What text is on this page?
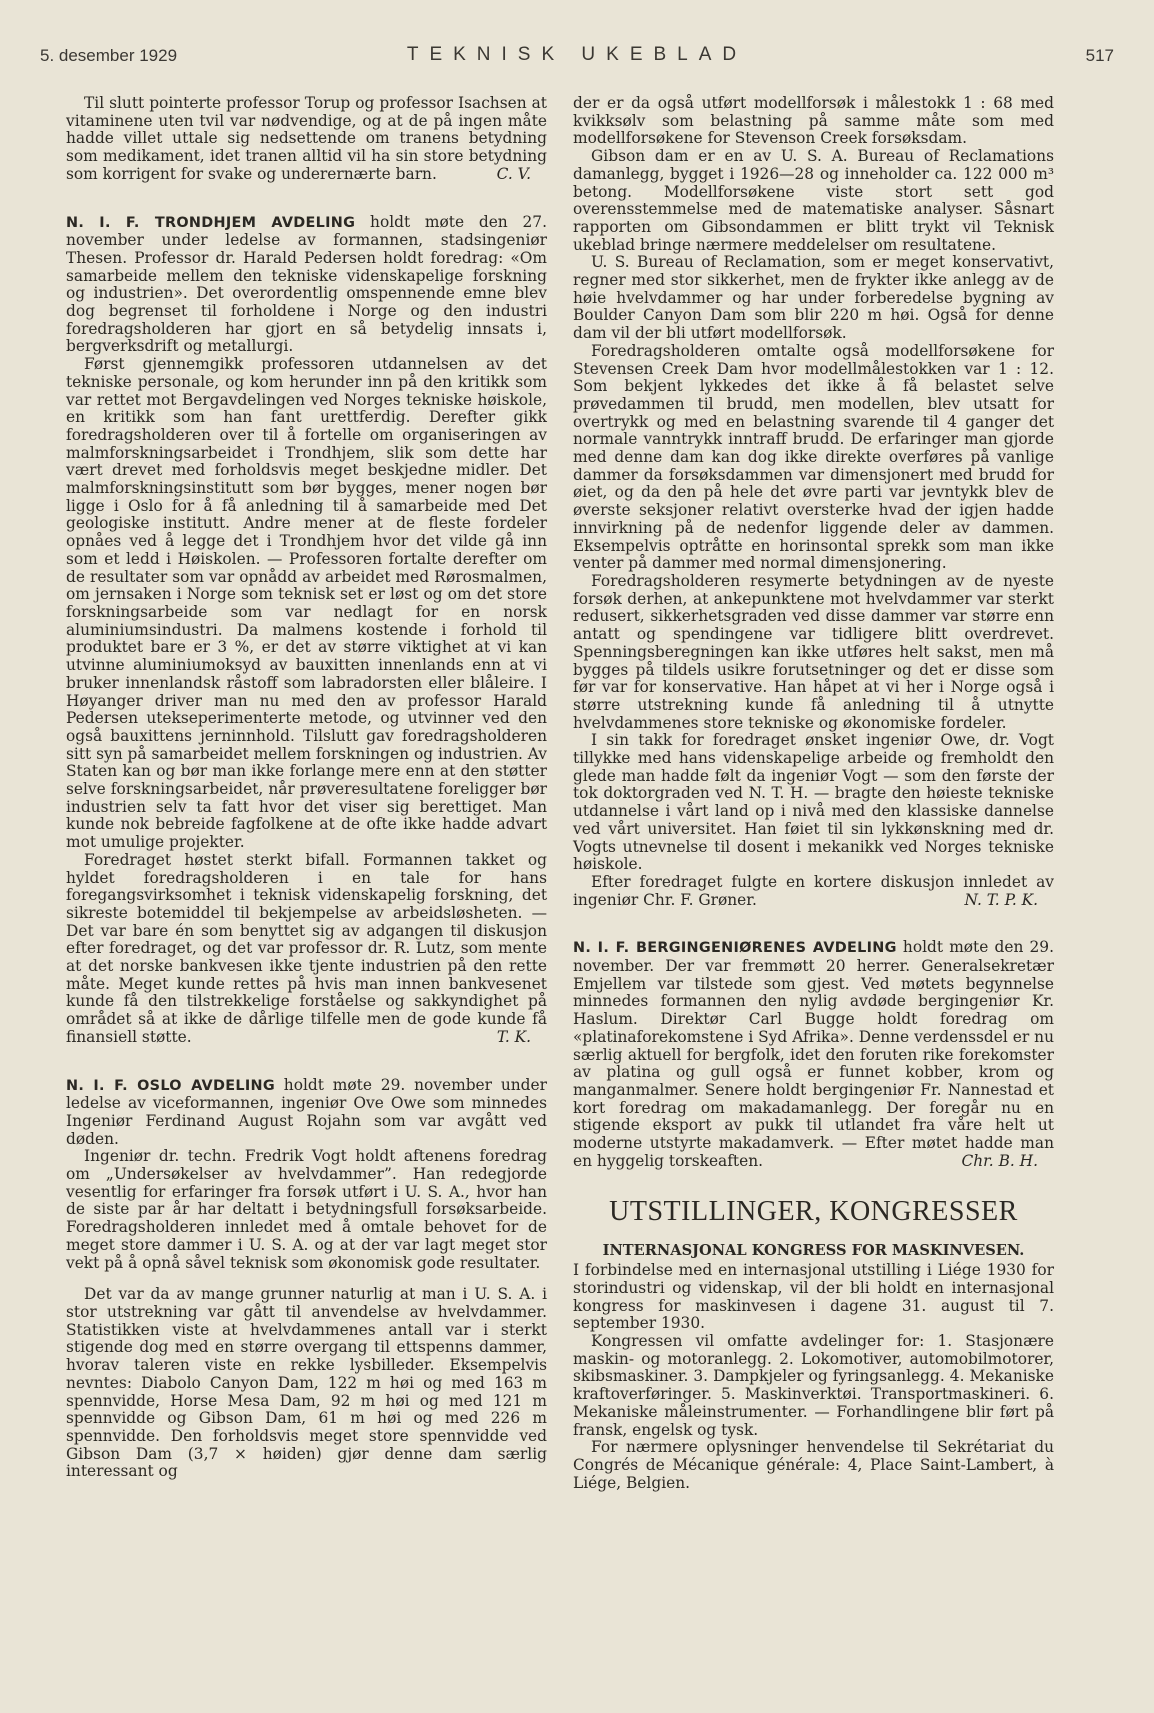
5. desember 1929	TEKNISK UKEBLAD	517

Til slutt pointerte professor Torup og professor Isachsen at vitaminene uten tvil var nødvendige, og at de på ingen måte hadde villet uttale sig nedsettende om tranens betydning som medikament, idet tranen alltid vil ha sin store betydning som korrigent for svake og underernærte barn.	C. V.

N. I. F. TRONDHJEM AVDELING holdt møte den 27. november under ledelse av formannen, stadsingeniør Thesen. Professor dr. Harald Pedersen holdt foredrag: «Om samarbeide mellem den tekniske videnskapelige forskning og industrien». Det overordentlig omspennende emne blev dog begrenset til forholdene i Norge og den industri foredragsholderen har gjort en så betydelig innsats i, bergverksdrift og metallurgi.

Først gjennemgikk professoren utdannelsen av det tekniske personale, og kom herunder inn på den kritikk som var rettet mot Bergavdelingen ved Norges tekniske høiskole, en kritikk som han fant urettferdig. Derefter gikk foredragsholderen over til å fortelle om organiseringen av malmforskningsarbeidet i Trondhjem, slik som dette har vært drevet med forholdsvis meget beskjedne midler. Det malmforskningsinstitutt som bør bygges, mener nogen bør ligge i Oslo for å få anledning til å samarbeide med Det geologiske institutt. Andre mener at de fleste fordeler opnåes ved å legge det i Trondhjem hvor det vilde gå inn som et ledd i Høiskolen. — Professoren fortalte derefter om de resultater som var opnådd av arbeidet med Rørosmalmen, om jernsaken i Norge som teknisk set er løst og om det store forskningsarbeide som var nedlagt for en norsk aluminiumsindustri. Da malmens kostende i forhold til produktet bare er 3 %, er det av større viktighet at vi kan utvinne aluminiumoksyd av bauxitten innenlands enn at vi bruker innenlandsk råstoff som labradorsten eller blåleire. I Høyanger driver man nu med den av professor Harald Pedersen utekseperimenterte metode, og utvinner ved den også bauxittens jerninnhold. Tilslutt gav foredragsholderen sitt syn på samarbeidet mellem forskningen og industrien. Av Staten kan og bør man ikke forlange mere enn at den støtter selve forskningsarbeidet, når prøveresultatene foreligger bør industrien selv ta fatt hvor det viser sig berettiget. Man kunde nok bebreide fagfolkene at de ofte ikke hadde advart mot umulige projekter.

Foredraget høstet sterkt bifall. Formannen takket og hyldet foredragsholderen i en tale for hans foregangsvirksomhet i teknisk videnskapelig forskning, det sikreste botemiddel til bekjempelse av arbeidsløsheten. — Det var bare én som benyttet sig av adgangen til diskusjon efter foredraget, og det var professor dr. R. Lutz, som mente at det norske bankvesen ikke tjente industrien på den rette måte. Meget kunde rettes på hvis man innen bankvesenet kunde få den tilstrekkelige forståelse og sakkyndighet på området så at ikke de dårlige tilfelle men de gode kunde få finansiell støtte.	T. K.

N. I. F. OSLO AVDELING holdt møte 29. november under ledelse av viceformannen, ingeniør Ove Owe som minnedes Ingeniør Ferdinand August Rojahn som var avgått ved døden.

Ingeniør dr. techn. Fredrik Vogt holdt aftenens foredrag om „Undersøkelser av hvelvdammer”. Han redegjorde vesentlig for erfaringer fra forsøk utført i U. S. A., hvor han de siste par år har deltatt i betydningsfull forsøksarbeide. Foredragsholderen innledet med å omtale behovet for de meget store dammer i U. S. A. og at der var lagt meget stor vekt på å opnå såvel teknisk som økonomisk gode resultater.

Det var da av mange grunner naturlig at man i U. S. A. i stor utstrekning var gått til anvendelse av hvelvdammer. Statistikken viste at hvelvdammenes antall var i sterkt stigende dog med en større overgang til ettspenns dammer, hvorav taleren viste en rekke lysbilleder. Eksempelvis nevntes: Diabolo Canyon Dam, 122 m høi og med 163 m spennvidde, Horse Mesa Dam, 92 m høi og med 121 m spennvidde og Gibson Dam, 61 m høi og med 226 m spennvidde. Den forholdsvis meget store spennvidde ved Gibson Dam (3,7 × høiden) gjør denne dam særlig interessant og

der er da også utført modellforsøk i målestokk 1 : 68 med kvikksølv som belastning på samme måte som med modellforsøkene for Stevenson Creek forsøksdam.

Gibson dam er en av U. S. A. Bureau of Reclamations damanlegg, bygget i 1926—28 og inneholder ca. 122 000 m³ betong. Modellforsøkene viste stort sett god overensstemmelse med de matematiske analyser. Såsnart rapporten om Gibsondammen er blitt trykt vil Teknisk ukeblad bringe nærmere meddelelser om resultatene.

U. S. Bureau of Reclamation, som er meget konservativt, regner med stor sikkerhet, men de frykter ikke anlegg av de høie hvelvdammer og har under forberedelse bygning av Boulder Canyon Dam som blir 220 m høi. Også for denne dam vil der bli utført modellforsøk.

Foredragsholderen omtalte også modellforsøkene for Stevensen Creek Dam hvor modellmålestokken var 1 : 12. Som bekjent lykkedes det ikke å få belastet selve prøvedammen til brudd, men modellen, blev utsatt for overtrykk og med en belastning svarende til 4 ganger det normale vanntrykk inntraff brudd. De erfaringer man gjorde med denne dam kan dog ikke direkte overføres på vanlige dammer da forsøksdammen var dimensjonert med brudd for øiet, og da den på hele det øvre parti var jevntykk blev de øverste seksjoner relativt oversterke hvad der igjen hadde innvirkning på de nedenfor liggende deler av dammen. Eksempelvis optråtte en horinsontal sprekk som man ikke venter på dammer med normal dimensjonering.

Foredragsholderen resymerte betydningen av de nyeste forsøk derhen, at ankepunktene mot hvelvdammer var sterkt redusert, sikkerhetsgraden ved disse dammer var større enn antatt og spendingene var tidligere blitt overdrevet. Spenningsberegningen kan ikke utføres helt sakst, men må bygges på tildels usikre forutsetninger og det er disse som før var for konservative. Han håpet at vi her i Norge også i større utstrekning kunde få anledning til å utnytte hvelvdammenes store tekniske og økonomiske fordeler.

I sin takk for foredraget ønsket ingeniør Owe, dr. Vogt tillykke med hans videnskapelige arbeide og fremholdt den glede man hadde følt da ingeniør Vogt — som den første der tok doktorgraden ved N. T. H. — bragte den høieste tekniske utdannelse i vårt land op i nivå med den klassiske dannelse ved vårt universitet. Han føiet til sin lykkønskning med dr. Vogts utnevnelse til dosent i mekanikk ved Norges tekniske høiskole.

Efter foredraget fulgte en kortere diskusjon innledet av ingeniør Chr. F. Grøner.	N. T. P. K.

N. I. F. BERGINGENIØRENES AVDELING holdt møte den 29. november. Der var fremmøtt 20 herrer. Generalsekretær Emjellem var tilstede som gjest. Ved møtets begynnelse minnedes formannen den nylig avdøde bergingeniør Kr. Haslum. Direktør Carl Bugge holdt foredrag om «platinaforekomstene i Syd Afrika». Denne verdenssdel er nu særlig aktuell for bergfolk, idet den foruten rike forekomster av platina og gull også er funnet kobber, krom og manganmalmer. Senere holdt bergingeniør Fr. Nannestad et kort foredrag om makadamanlegg. Der foregår nu en stigende eksport av pukk til utlandet fra våre helt ut moderne utstyrte makadamverk. — Efter møtet hadde man en hyggelig torskeaften.	Chr. B. H.

UTSTILLINGER, KONGRESSER
INTERNASJONAL KONGRESS FOR MASKINVESEN.

I forbindelse med en internasjonal utstilling i Liége 1930 for storindustri og videnskap, vil der bli holdt en internasjonal kongress for maskinvesen i dagene 31. august til 7. september 1930.

Kongressen vil omfatte avdelinger for: 1. Stasjonære maskin- og motoranlegg. 2. Lokomotiver, automobilmotorer, skibsmaskiner. 3. Dampkjeler og fyringsanlegg. 4. Mekaniske kraftoverføringer. 5. Maskinverktøi. Transportmaskineri. 6. Mekaniske måleinstrumenter. — Forhandlingene blir ført på fransk, engelsk og tysk.

For nærmere oplysninger henvendelse til Sekrétariat du Congrés de Mécanique générale: 4, Place Saint-Lambert, à Liége, Belgien.
